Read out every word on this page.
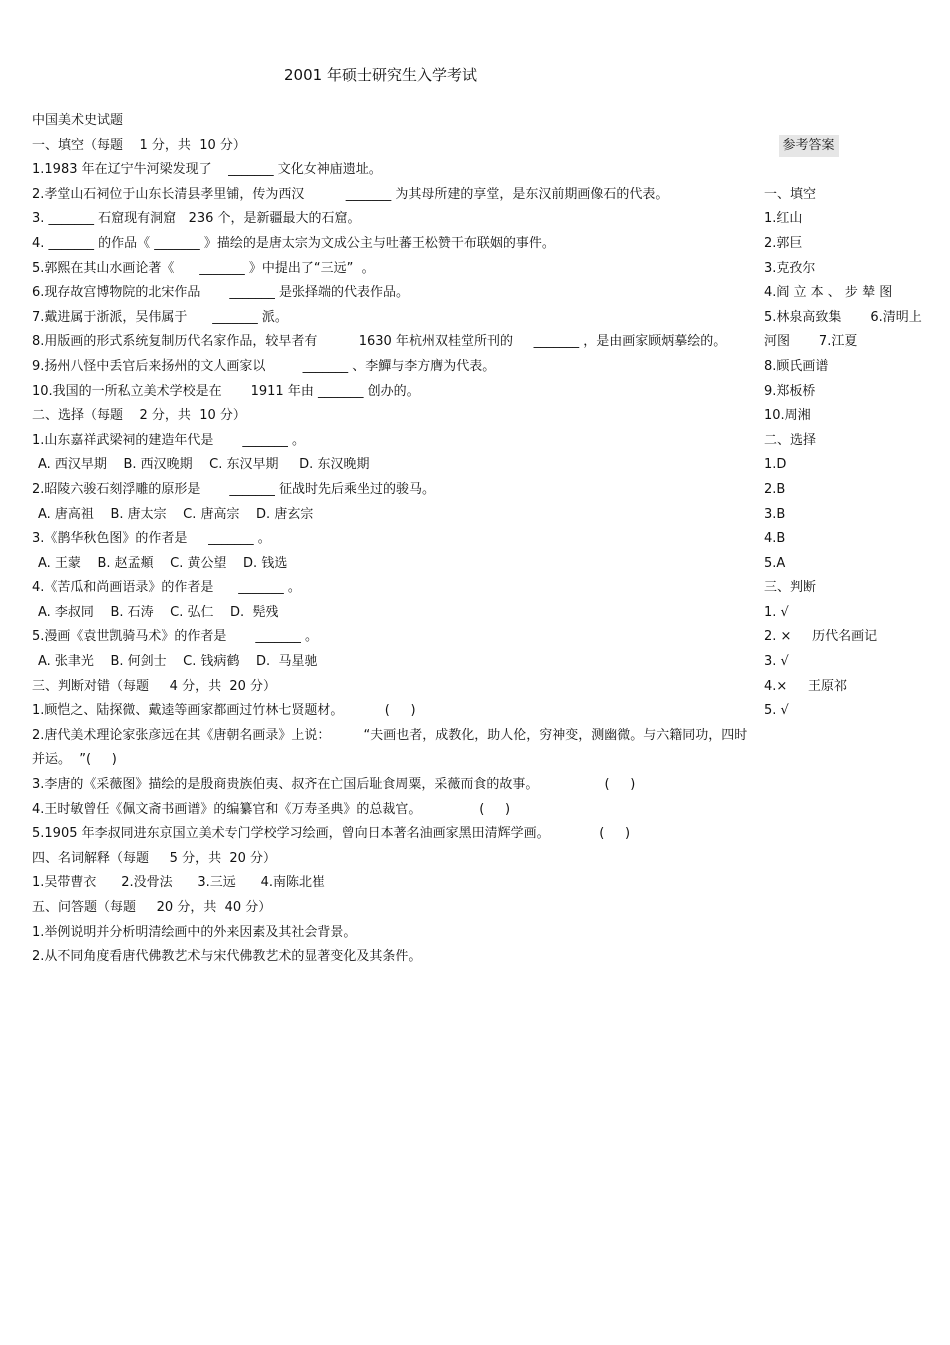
2001 年硕士研究生入学考试
中国美术史试题
一、填空（每题    1 分，共  10 分）
1.1983 年在辽宁牛河梁发现了    _______ 文化女神庙遗址。
2.孝堂山石祠位于山东长清县孝里铺，传为西汉          _______ 为其母所建的享堂，是东汉前期画像石的代表。
3. _______ 石窟现有洞窟   236 个，是新疆最大的石窟。
4. _______ 的作品《 _______ 》描绘的是唐太宗为文成公主与吐蕃王松赞干布联姻的事件。
5.郭熙在其山水画论著《      _______ 》中提出了“三远”  。
6.现存故宫博物院的北宋作品       _______ 是张择端的代表作品。
7.戴进属于浙派，吴伟属于      _______ 派。
8.用版画的形式系统复制历代名家作品，较早者有          1630 年杭州双桂堂所刊的     _______ ，是由画家顾炳摹绘的。
9.扬州八怪中丢官后来扬州的文人画家以         _______ 、李鱓与李方膺为代表。
10.我国的一所私立美术学校是在       1911 年由 _______ 创办的。
二、选择（每题    2 分，共  10 分）
1.山东嘉祥武梁祠的建造年代是       _______ 。
A. 西汉早期    B. 西汉晚期    C. 东汉早期     D. 东汉晚期
2.昭陵六骏石刻浮雕的原形是       _______ 征战时先后乘坐过的骏马。
A. 唐高祖    B. 唐太宗    C. 唐高宗    D. 唐玄宗
3.《鹊华秋色图》的作者是     _______ 。
A. 王蒙    B. 赵孟頫    C. 黄公望    D. 钱选
4.《苦瓜和尚画语录》的作者是      _______ 。
A. 李叔同    B. 石涛    C. 弘仁    D.  髡残
5.漫画《袁世凯骑马术》的作者是       _______ 。
A. 张聿光    B. 何剑士    C. 钱病鹤    D.  马星驰
三、判断对错（每题     4 分，共  20 分）
1.顾恺之、陆探微、戴逵等画家都画过竹林七贤题材。          (     )
2.唐代美术理论家张彦远在其《唐朝名画录》上说：        “夫画也者，成教化，助人伦，穷神变，测幽微。与六籍同功，四时并运。  ”(     )
3.李唐的《采薇图》描绘的是殷商贵族伯夷、叔齐在亡国后耻食周粟，采薇而食的故事。                (     )
4.王时敏曾任《佩文斋书画谱》的编纂官和《万寿圣典》的总裁官。              (     )
5.1905 年李叔同进东京国立美术专门学校学习绘画，曾向日本著名油画家黑田清辉学画。            (     )
四、名词解释（每题     5 分，共  20 分）
1.吴带曹衣      2.没骨法      3.三远      4.南陈北崔
五、问答题（每题     20 分，共  40 分）
1.举例说明并分析明清绘画中的外来因素及其社会背景。
2.从不同角度看唐代佛教艺术与宋代佛教艺术的显著变化及其条件。

参考答案

一、填空
1.红山
2.郭巨
3.克孜尔
4.阎 立 本 、 步 辇 图
5.林泉高致集       6.清明上河图       7.江夏
8.顾氏画谱
9.郑板桥
10.周湘
二、选择
1.D
2.B
3.B
4.B
5.A
三、判断
1. √
2. ×     历代名画记
3. √
4.×     王原祁
5. √
